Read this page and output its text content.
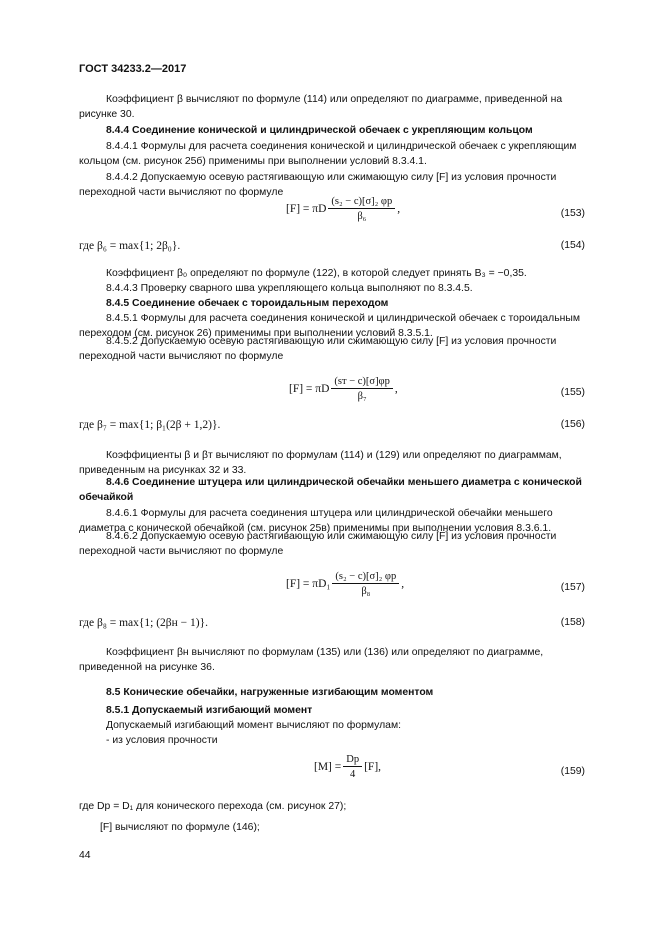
ГОСТ 34233.2—2017

Коэффициент β вычисляют по формуле (114) или определяют по диаграмме, приведенной на рисунке 30.

8.4.4 Соединение конической и цилиндрической обечаек с укрепляющим кольцом

8.4.4.1 Формулы для расчета соединения конической и цилиндрической обечаек с укрепляющим кольцом (см. рисунок 25б) применимы при выполнении условий 8.3.4.1.

8.4.4.2 Допускаемую осевую растягивающую или сжимающую силу [F] из условия прочности переходной части вычисляют по формуле

[F] = πD $\frac{\text{(s₂ − c)[σ]₂ φр}}{\text{β₆}}$ ,	(153)
где β₆ = max{1; 2β₀}.	(154)

Коэффициент β₀ определяют по формуле (122), в которой следует принять B₃ = −0,35.

8.4.4.3 Проверку сварного шва укрепляющего кольца выполняют по 8.3.4.5.

8.4.5 Соединение обечаек с тороидальным переходом

8.4.5.1 Формулы для расчета соединения конической и цилиндрической обечаек с тороидальным переходом (см. рисунок 26) применимы при выполнении условий 8.3.5.1.

8.4.5.2 Допускаемую осевую растягивающую или сжимающую силу [F] из условия прочности переходной части вычисляют по формуле

[F] = πD $\frac{(sт - c)[\sigma]\varphi р}{\text{β₇}}$ ,	(155)
где β₇ = max{1; β₁(2β + 1,2)}.	(156)

Коэффициенты β и βт вычисляют по формулам (114) и (129) или определяют по диаграммам, приведенным на рисунках 32 и 33.

8.4.6 Соединение штуцера или цилиндрической обечайки меньшего диаметра с конической обечайкой

8.4.6.1 Формулы для расчета соединения штуцера или цилиндрической обечайки меньшего диаметра с конической обечайкой (см. рисунок 25в) применимы при выполнении условия 8.3.6.1.

8.4.6.2 Допускаемую осевую растягивающую или сжимающую силу [F] из условия прочности переходной части вычисляют по формуле

$[F] = \pi D_1 \frac{\text{(s₂ − c)[σ]₂ φр}}{\text{β₈}}$ ,	(157)
где β₈ = max{1; (2βн − 1)}.	(158)

Коэффициент βн вычисляют по формулам (135) или (136) или определяют по диаграмме, приведенной на рисунке 36.

8.5 Конические обечайки, нагруженные изгибающим моментом

8.5.1 Допускаемый изгибающий момент

Допускаемый изгибающий момент вычисляют по формулам:

- из условия прочности

$[M] = \frac{Dр}{4} [F]$,	(159)

где Dр = D₁ для конического перехода (см. рисунок 27);

[F] вычисляют по формуле (146);

44
